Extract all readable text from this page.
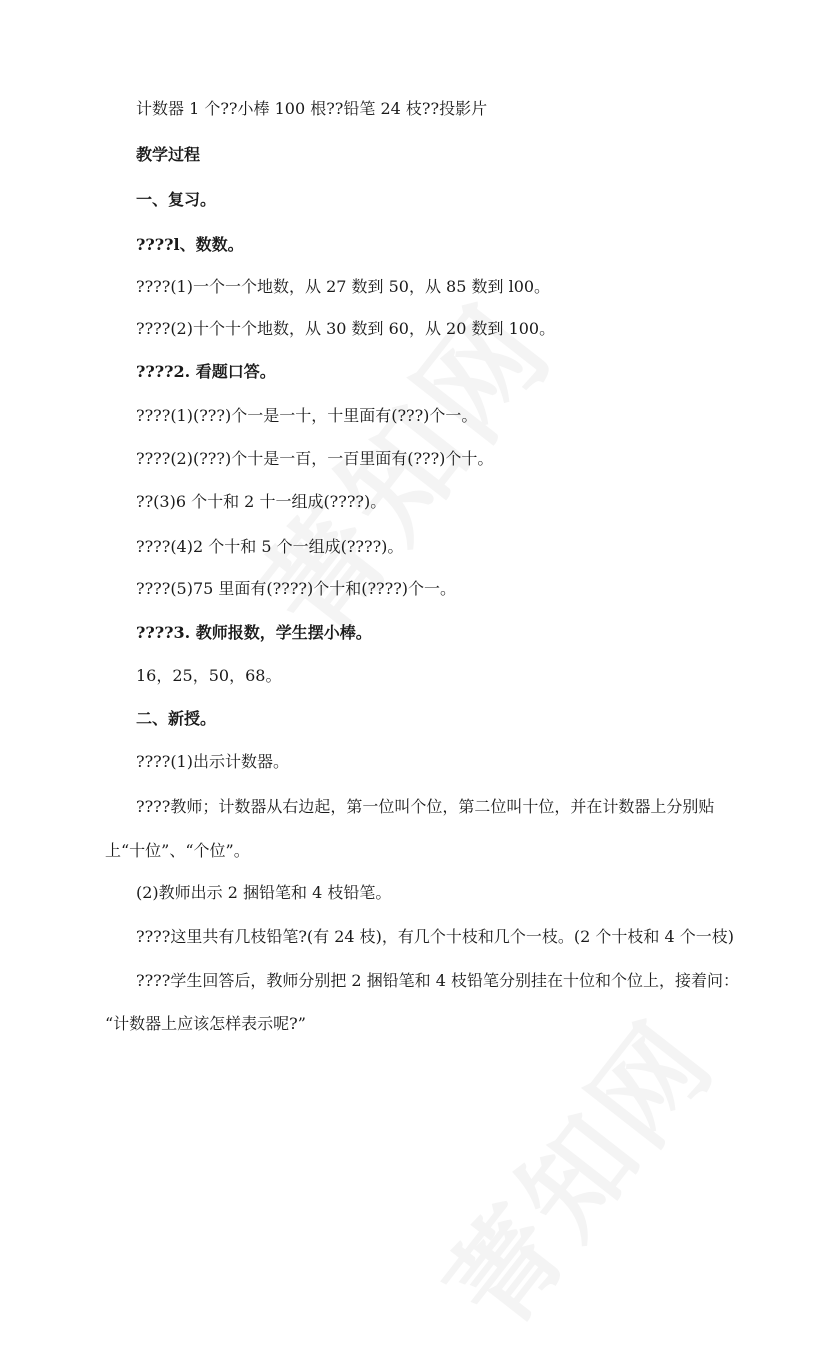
计数器 1 个??小棒 100 根??铅笔 24 枝??投影片
教学过程
一、复习。
????l、数数。
????(1)一个一个地数，从 27 数到 50，从 85 数到 l00。
????(2)十个十个地数，从 30 数到 60，从 20 数到 100。
????2. 看题口答。
????(1)(???)个一是一十，十里面有(???)个一。
????(2)(???)个十是一百，一百里面有(???)个十。
??(3)6 个十和 2 十一组成(????)。
????(4)2 个十和 5 个一组成(????)。
????(5)75 里面有(????)个十和(????)个一。
????3. 教师报数，学生摆小棒。
16，25，50，68。
二、新授。
????(1)出示计数器。
????教师；计数器从右边起，第一位叫个位，第二位叫十位，并在计数器上分别贴
上“十位”、“个位”。
(2)教师出示 2 捆铅笔和 4 枝铅笔。
????这里共有几枝铅笔?(有 24 枝)，有几个十枝和几个一枝。(2 个十枝和 4 个一枝)
????学生回答后，教师分别把 2 捆铅笔和 4 枝铅笔分别挂在十位和个位上，接着问：
“计数器上应该怎样表示呢?”
